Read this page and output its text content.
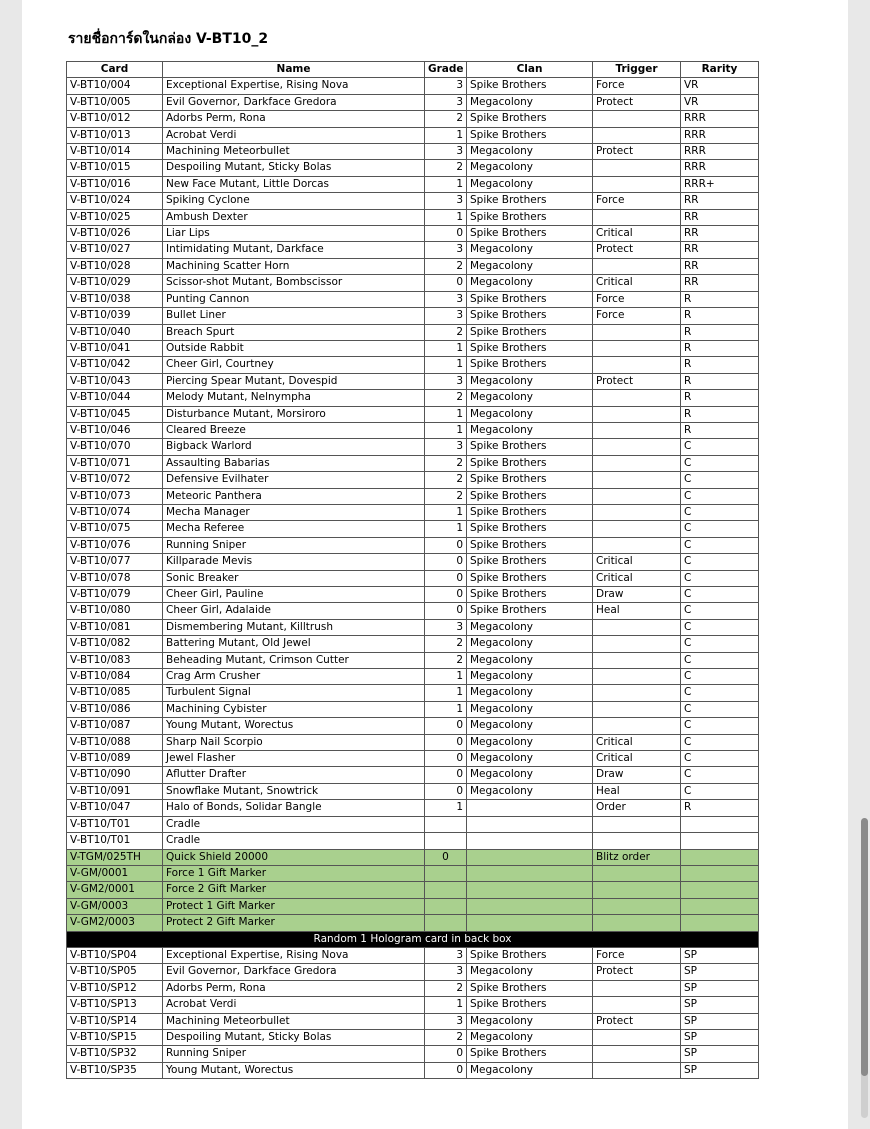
รายชื่อการ์ดในกล่อง V-BT10_2
Card	Name	Grade	Clan	Trigger	Rarity
V-BT10/004	Exceptional Expertise, Rising Nova	3	Spike Brothers	Force	VR
V-BT10/005	Evil Governor, Darkface Gredora	3	Megacolony	Protect	VR
V-BT10/012	Adorbs Perm, Rona	2	Spike Brothers		RRR
V-BT10/013	Acrobat Verdi	1	Spike Brothers		RRR
V-BT10/014	Machining Meteorbullet	3	Megacolony	Protect	RRR
V-BT10/015	Despoiling Mutant, Sticky Bolas	2	Megacolony		RRR
V-BT10/016	New Face Mutant, Little Dorcas	1	Megacolony		RRR+
V-BT10/024	Spiking Cyclone	3	Spike Brothers	Force	RR
V-BT10/025	Ambush Dexter	1	Spike Brothers		RR
V-BT10/026	Liar Lips	0	Spike Brothers	Critical	RR
V-BT10/027	Intimidating Mutant, Darkface	3	Megacolony	Protect	RR
V-BT10/028	Machining Scatter Horn	2	Megacolony		RR
V-BT10/029	Scissor-shot Mutant, Bombscissor	0	Megacolony	Critical	RR
V-BT10/038	Punting Cannon	3	Spike Brothers	Force	R
V-BT10/039	Bullet Liner	3	Spike Brothers	Force	R
V-BT10/040	Breach Spurt	2	Spike Brothers		R
V-BT10/041	Outside Rabbit	1	Spike Brothers		R
V-BT10/042	Cheer Girl, Courtney	1	Spike Brothers		R
V-BT10/043	Piercing Spear Mutant, Dovespid	3	Megacolony	Protect	R
V-BT10/044	Melody Mutant, Nelnympha	2	Megacolony		R
V-BT10/045	Disturbance Mutant, Morsiroro	1	Megacolony		R
V-BT10/046	Cleared Breeze	1	Megacolony		R
V-BT10/070	Bigback Warlord	3	Spike Brothers		C
V-BT10/071	Assaulting Babarias	2	Spike Brothers		C
V-BT10/072	Defensive Evilhater	2	Spike Brothers		C
V-BT10/073	Meteoric Panthera	2	Spike Brothers		C
V-BT10/074	Mecha Manager	1	Spike Brothers		C
V-BT10/075	Mecha Referee	1	Spike Brothers		C
V-BT10/076	Running Sniper	0	Spike Brothers		C
V-BT10/077	Killparade Mevis	0	Spike Brothers	Critical	C
V-BT10/078	Sonic Breaker	0	Spike Brothers	Critical	C
V-BT10/079	Cheer Girl, Pauline	0	Spike Brothers	Draw	C
V-BT10/080	Cheer Girl, Adalaide	0	Spike Brothers	Heal	C
V-BT10/081	Dismembering Mutant, Killtrush	3	Megacolony		C
V-BT10/082	Battering Mutant, Old Jewel	2	Megacolony		C
V-BT10/083	Beheading Mutant, Crimson Cutter	2	Megacolony		C
V-BT10/084	Crag Arm Crusher	1	Megacolony		C
V-BT10/085	Turbulent Signal	1	Megacolony		C
V-BT10/086	Machining Cybister	1	Megacolony		C
V-BT10/087	Young Mutant, Worectus	0	Megacolony		C
V-BT10/088	Sharp Nail Scorpio	0	Megacolony	Critical	C
V-BT10/089	Jewel Flasher	0	Megacolony	Critical	C
V-BT10/090	Aflutter Drafter	0	Megacolony	Draw	C
V-BT10/091	Snowflake Mutant, Snowtrick	0	Megacolony	Heal	C
V-BT10/047	Halo of Bonds, Solidar Bangle	1		Order	R
V-BT10/T01	Cradle				
V-BT10/T01	Cradle				
V-TGM/025TH	Quick Shield 20000	0		Blitz order	
V-GM/0001	Force 1 Gift Marker				
V-GM2/0001	Force 2 Gift Marker				
V-GM/0003	Protect 1 Gift Marker				
V-GM2/0003	Protect 2 Gift Marker				
Random 1 Hologram card in back box					
V-BT10/SP04	Exceptional Expertise, Rising Nova	3	Spike Brothers	Force	SP
V-BT10/SP05	Evil Governor, Darkface Gredora	3	Megacolony	Protect	SP
V-BT10/SP12	Adorbs Perm, Rona	2	Spike Brothers		SP
V-BT10/SP13	Acrobat Verdi	1	Spike Brothers		SP
V-BT10/SP14	Machining Meteorbullet	3	Megacolony	Protect	SP
V-BT10/SP15	Despoiling Mutant, Sticky Bolas	2	Megacolony		SP
V-BT10/SP32	Running Sniper	0	Spike Brothers		SP
V-BT10/SP35	Young Mutant, Worectus	0	Megacolony		SP
